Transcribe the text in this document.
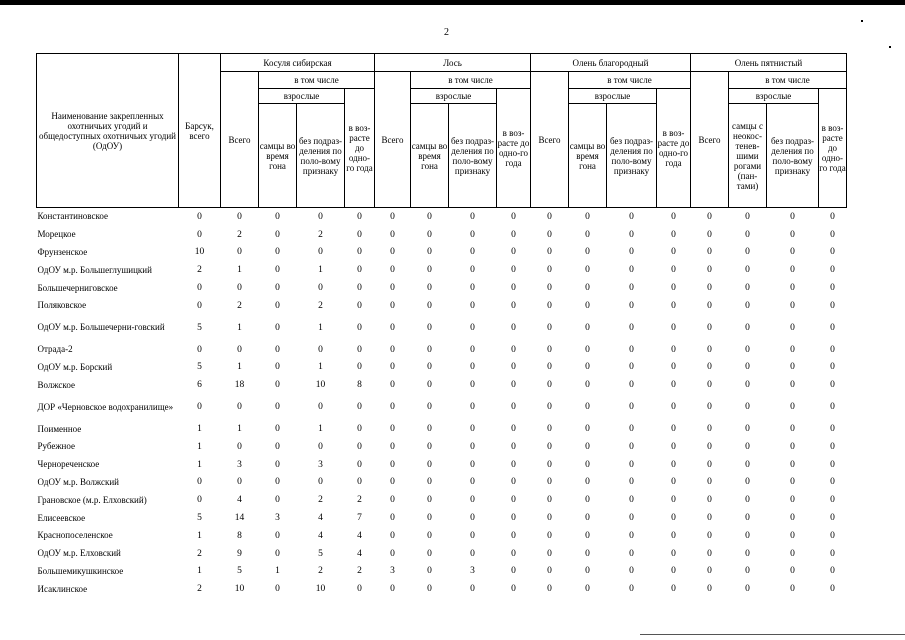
2
Наименование закрепленных охотничьих угодий и общедоступных охотничьих угодий (ОдОУ)	Барсук, всего	Косуля сибирская				Лось				Олень благородный				Олень пятнистый			
		Всего	в том числе			Всего	в том числе			Всего	в том числе			Всего	в том числе		
			взрослые		в воз-расте до одно-го года		взрослые		в воз-расте до одно-го года		взрослые		в воз-расте до одно-го года		взрослые		в воз-расте до одно-го года
			самцы во время гона	без подраз-деления по поло-вому признаку			самцы во время гона	без подраз-деления по поло-вому признаку			самцы во время гона	без подраз-деления по поло-вому признаку			самцы с неокос-тенев-шими рогами (пан-тами)	без подраз-деления по поло-вому признаку	
Константиновское	0	0	0	0	0	0	0	0	0	0	0	0	0	0	0	0	0
Морецкое	0	2	0	2	0	0	0	0	0	0	0	0	0	0	0	0	0
Фрунзенское	10	0	0	0	0	0	0	0	0	0	0	0	0	0	0	0	0
ОдОУ м.р. Большеглушицкий	2	1	0	1	0	0	0	0	0	0	0	0	0	0	0	0	0
Большечерниговское	0	0	0	0	0	0	0	0	0	0	0	0	0	0	0	0	0
Поляковское	0	2	0	2	0	0	0	0	0	0	0	0	0	0	0	0	0
ОдОУ м.р. Большечерни-говский	5	1	0	1	0	0	0	0	0	0	0	0	0	0	0	0	0
Отрада-2	0	0	0	0	0	0	0	0	0	0	0	0	0	0	0	0	0
ОдОУ м.р. Борский	5	1	0	1	0	0	0	0	0	0	0	0	0	0	0	0	0
Волжское	6	18	0	10	8	0	0	0	0	0	0	0	0	0	0	0	0
ДОР «Черновское водохранилище»	0	0	0	0	0	0	0	0	0	0	0	0	0	0	0	0	0
Поименное	1	1	0	1	0	0	0	0	0	0	0	0	0	0	0	0	0
Рубежное	1	0	0	0	0	0	0	0	0	0	0	0	0	0	0	0	0
Чернореченское	1	3	0	3	0	0	0	0	0	0	0	0	0	0	0	0	0
ОдОУ м.р. Волжский	0	0	0	0	0	0	0	0	0	0	0	0	0	0	0	0	0
Грановское (м.р. Елховский)	0	4	0	2	2	0	0	0	0	0	0	0	0	0	0	0	0
Елисеевское	5	14	3	4	7	0	0	0	0	0	0	0	0	0	0	0	0
Краснопоселенское	1	8	0	4	4	0	0	0	0	0	0	0	0	0	0	0	0
ОдОУ м.р. Елховский	2	9	0	5	4	0	0	0	0	0	0	0	0	0	0	0	0
Большемикушкинское	1	5	1	2	2	3	0	3	0	0	0	0	0	0	0	0	0
Исаклинское	2	10	0	10	0	0	0	0	0	0	0	0	0	0	0	0	0
